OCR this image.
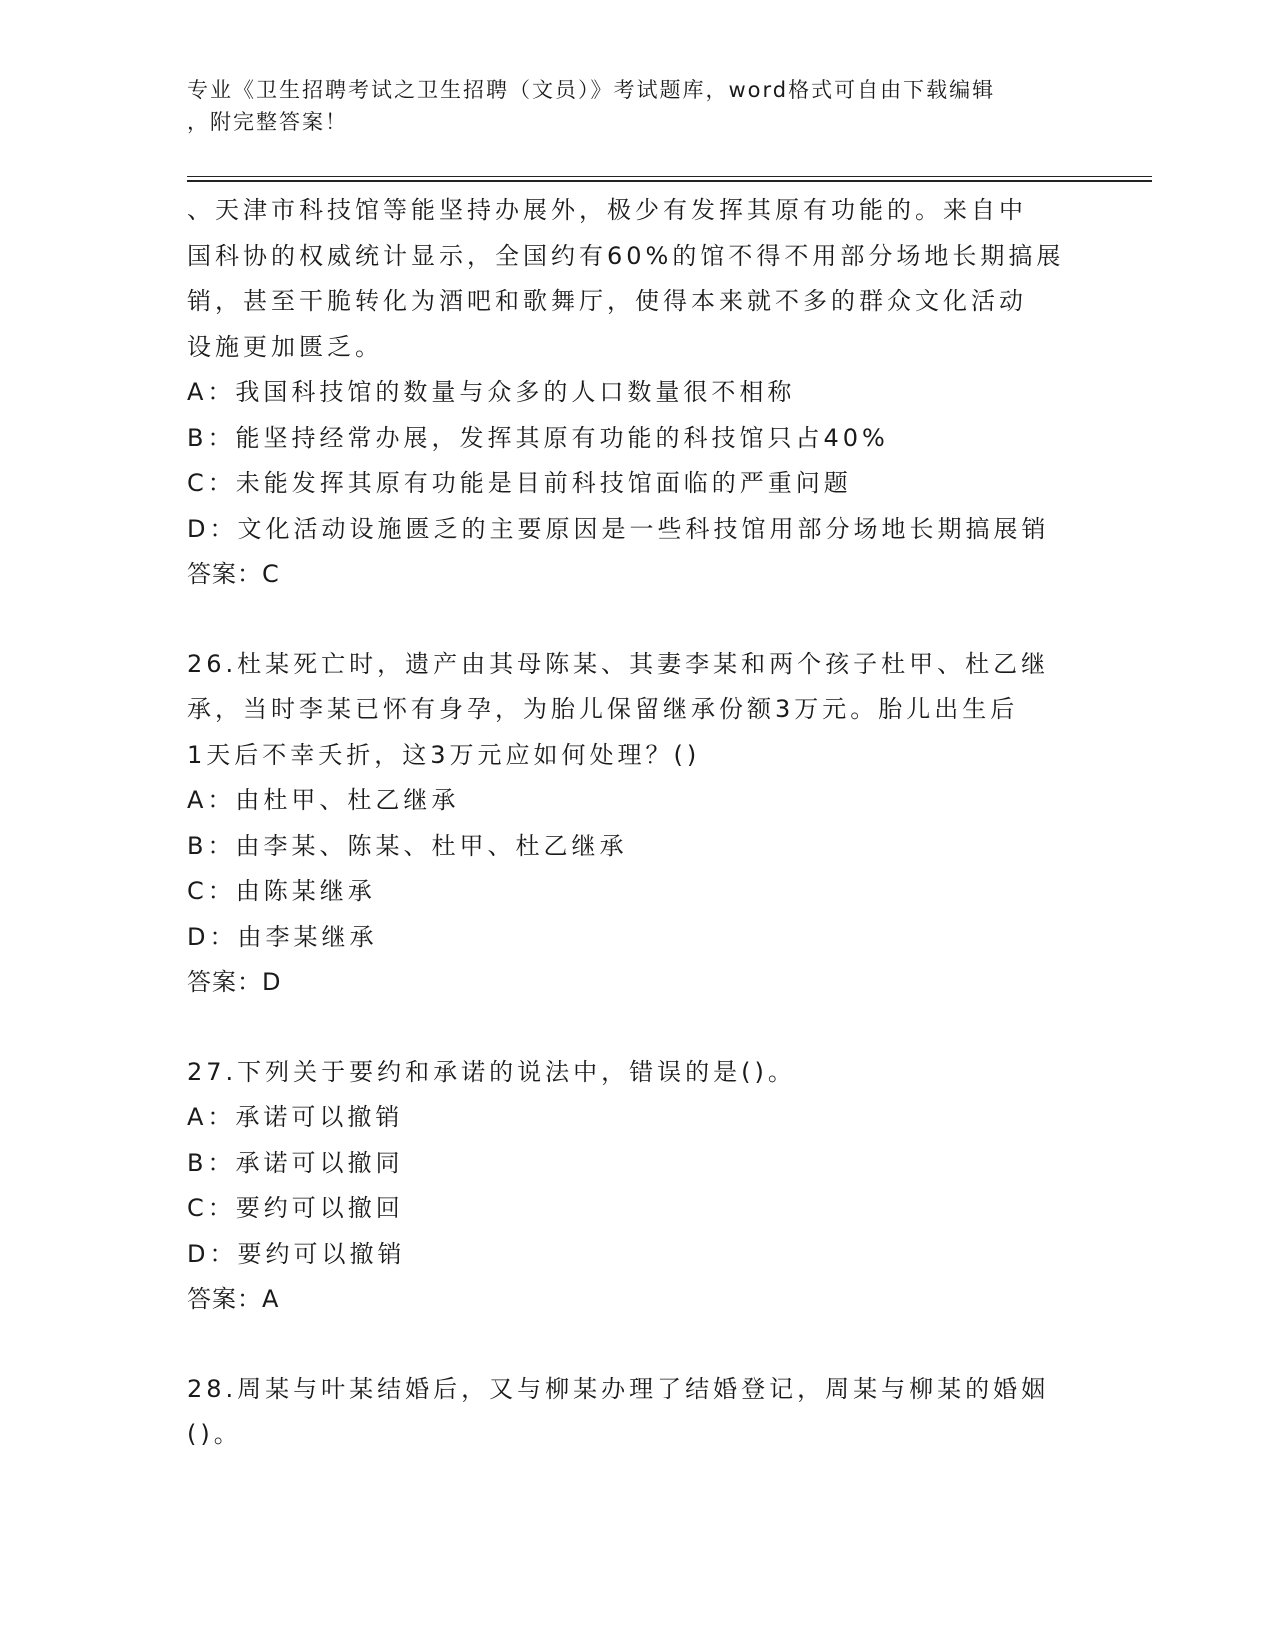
专业《卫生招聘考试之卫生招聘（文员）》考试题库，word格式可自由下载编辑
，附完整答案！
、天津市科技馆等能坚持办展外，极少有发挥其原有功能的。来自中
国科协的权威统计显示，全国约有60%的馆不得不用部分场地长期搞展
销，甚至干脆转化为酒吧和歌舞厅，使得本来就不多的群众文化活动
设施更加匮乏。
A：我国科技馆的数量与众多的人口数量很不相称
B：能坚持经常办展，发挥其原有功能的科技馆只占40%
C：未能发挥其原有功能是目前科技馆面临的严重问题
D：文化活动设施匮乏的主要原因是一些科技馆用部分场地长期搞展销
答案：C
26.杜某死亡时，遗产由其母陈某、其妻李某和两个孩子杜甲、杜乙继
承，当时李某已怀有身孕，为胎儿保留继承份额3万元。胎儿出生后
1天后不幸夭折，这3万元应如何处理？()
A：由杜甲、杜乙继承
B：由李某、陈某、杜甲、杜乙继承
C：由陈某继承
D：由李某继承
答案：D
27.下列关于要约和承诺的说法中，错误的是()。
A：承诺可以撤销
B：承诺可以撤同
C：要约可以撤回
D：要约可以撤销
答案：A
28.周某与叶某结婚后，又与柳某办理了结婚登记，周某与柳某的婚姻
()。
